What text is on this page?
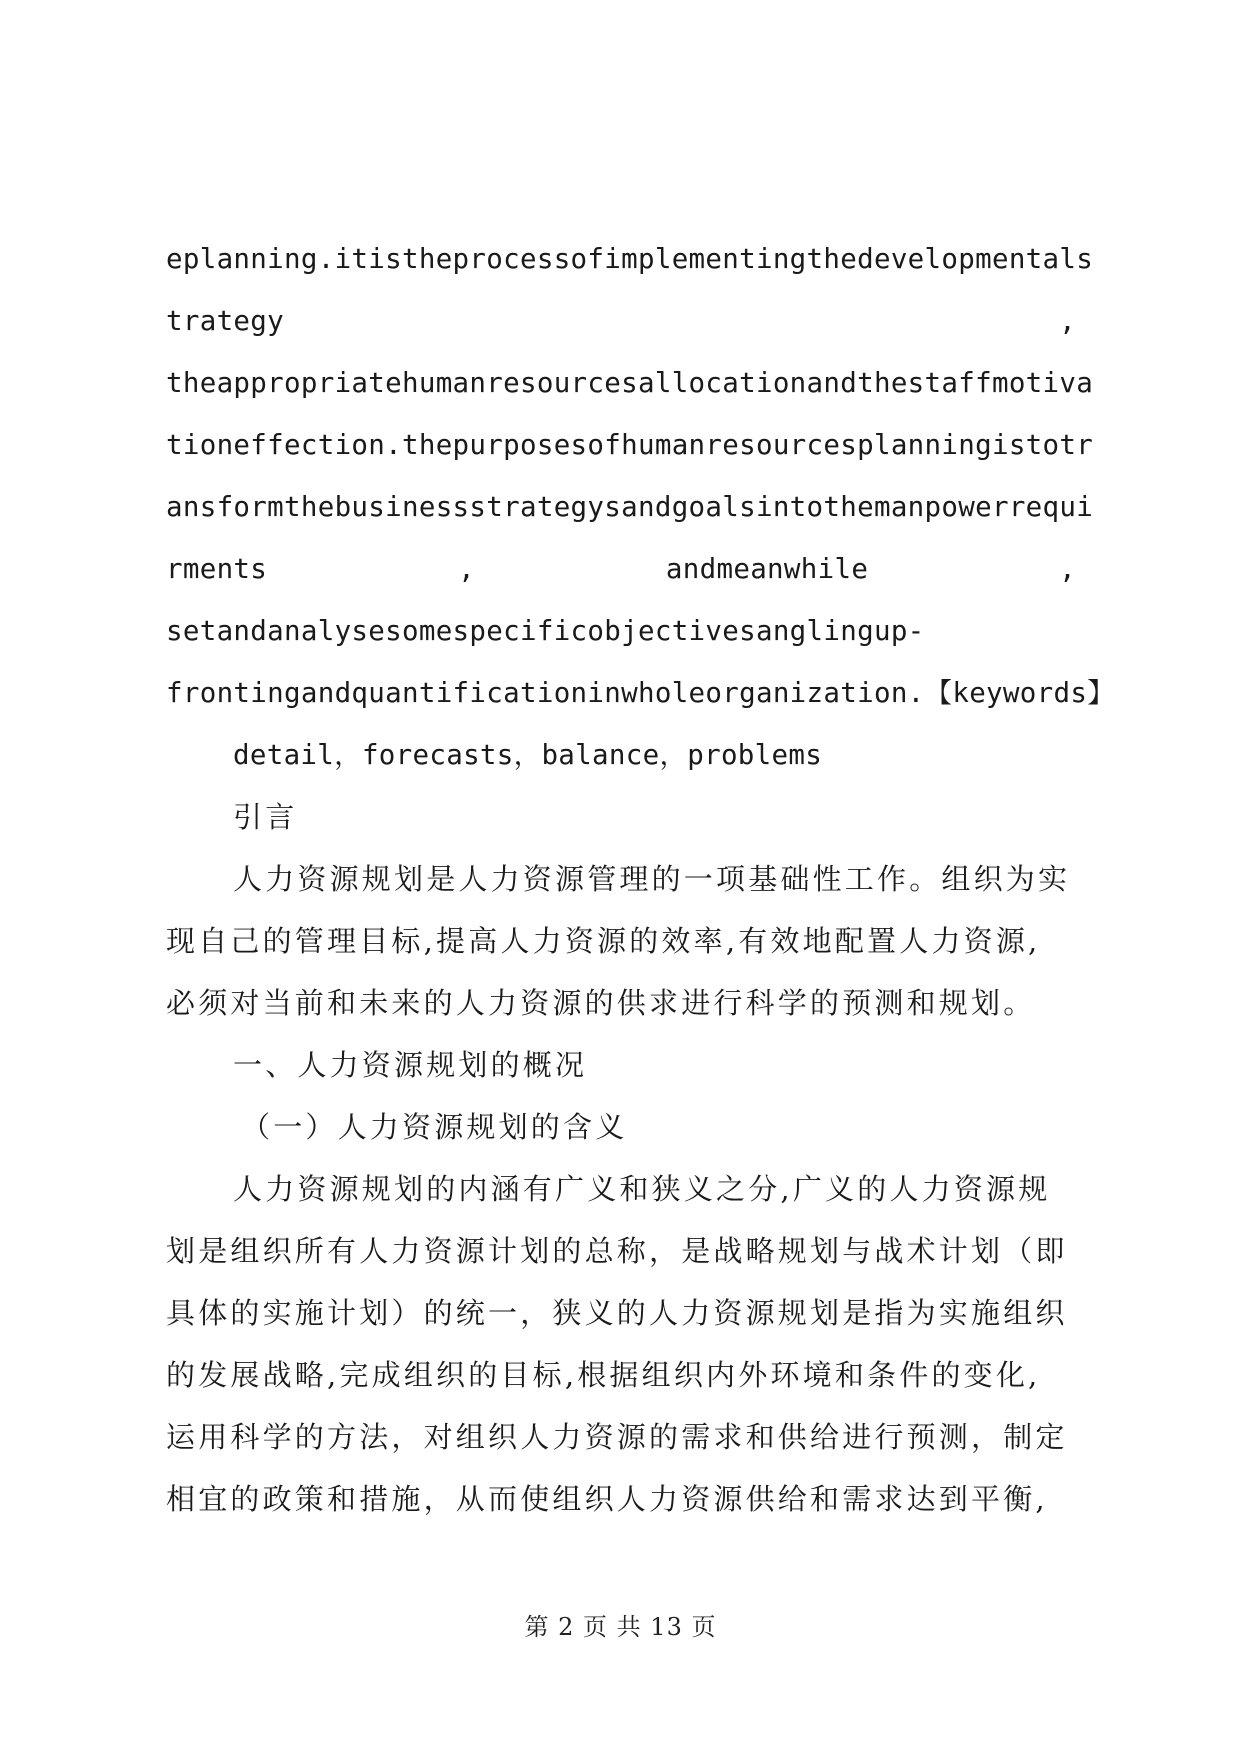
eplanning.itistheprocessofimplementingthedevelopmentals
trategy	,
theappropriatehumanresourcesallocationandthestaffmotiva
tioneffection.thepurposesofhumanresourcesplanningistotr
ansformthebusinessstrategysandgoalsintothemanpowerrequi
rments	,	andmeanwhile	,
setandanalysesomespecificobjectivesanglingup-
frontingandquantificationinwholeorganization.【keywords】
detail，forecasts，balance，problems
引言
人力资源规划是人力资源管理的一项基础性工作。组织为实
现自己的管理目标,提高人力资源的效率,有效地配置人力资源,
必须对当前和未来的人力资源的供求进行科学的预测和规划。
一、人力资源规划的概况
（一）人力资源规划的含义
人力资源规划的内涵有广义和狭义之分,广义的人力资源规
划是组织所有人力资源计划的总称，是战略规划与战术计划（即
具体的实施计划）的统一，狭义的人力资源规划是指为实施组织
的发展战略,完成组织的目标,根据组织内外环境和条件的变化,
运用科学的方法，对组织人力资源的需求和供给进行预测，制定
相宜的政策和措施，从而使组织人力资源供给和需求达到平衡,
第 2 页 共 13 页
